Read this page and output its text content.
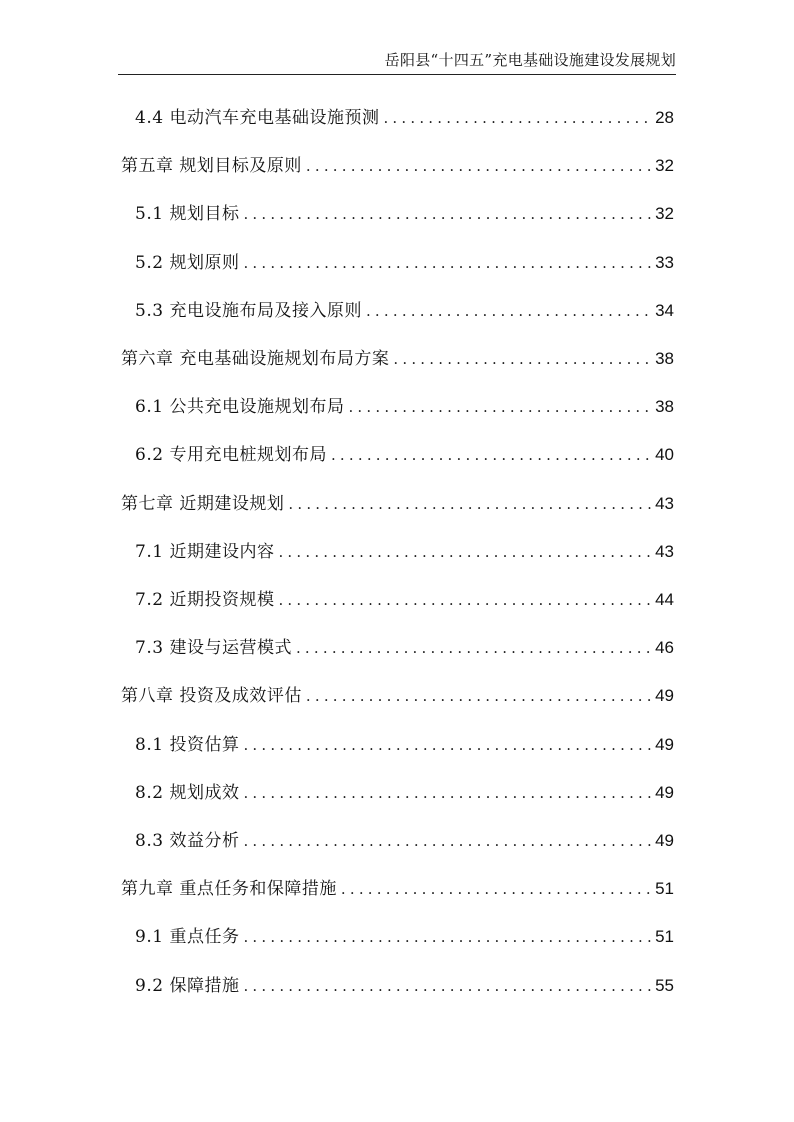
岳阳县“十四五”充电基础设施建设发展规划
4.4 电动汽车充电基础设施预测 .....	28
第五章 规划目标及原则 .....	32
5.1 规划目标 .....	32
5.2 规划原则 .....	33
5.3 充电设施布局及接入原则 .....	34
第六章 充电基础设施规划布局方案 .....	38
6.1 公共充电设施规划布局 .....	38
6.2 专用充电桩规划布局 .....	40
第七章 近期建设规划 .....	43
7.1 近期建设内容 .....	43
7.2 近期投资规模 .....	44
7.3 建设与运营模式 .....	46
第八章 投资及成效评估 .....	49
8.1 投资估算 .....	49
8.2 规划成效 .....	49
8.3 效益分析 .....	49
第九章 重点任务和保障措施 .....	51
9.1 重点任务 .....	51
9.2 保障措施 .....	55
